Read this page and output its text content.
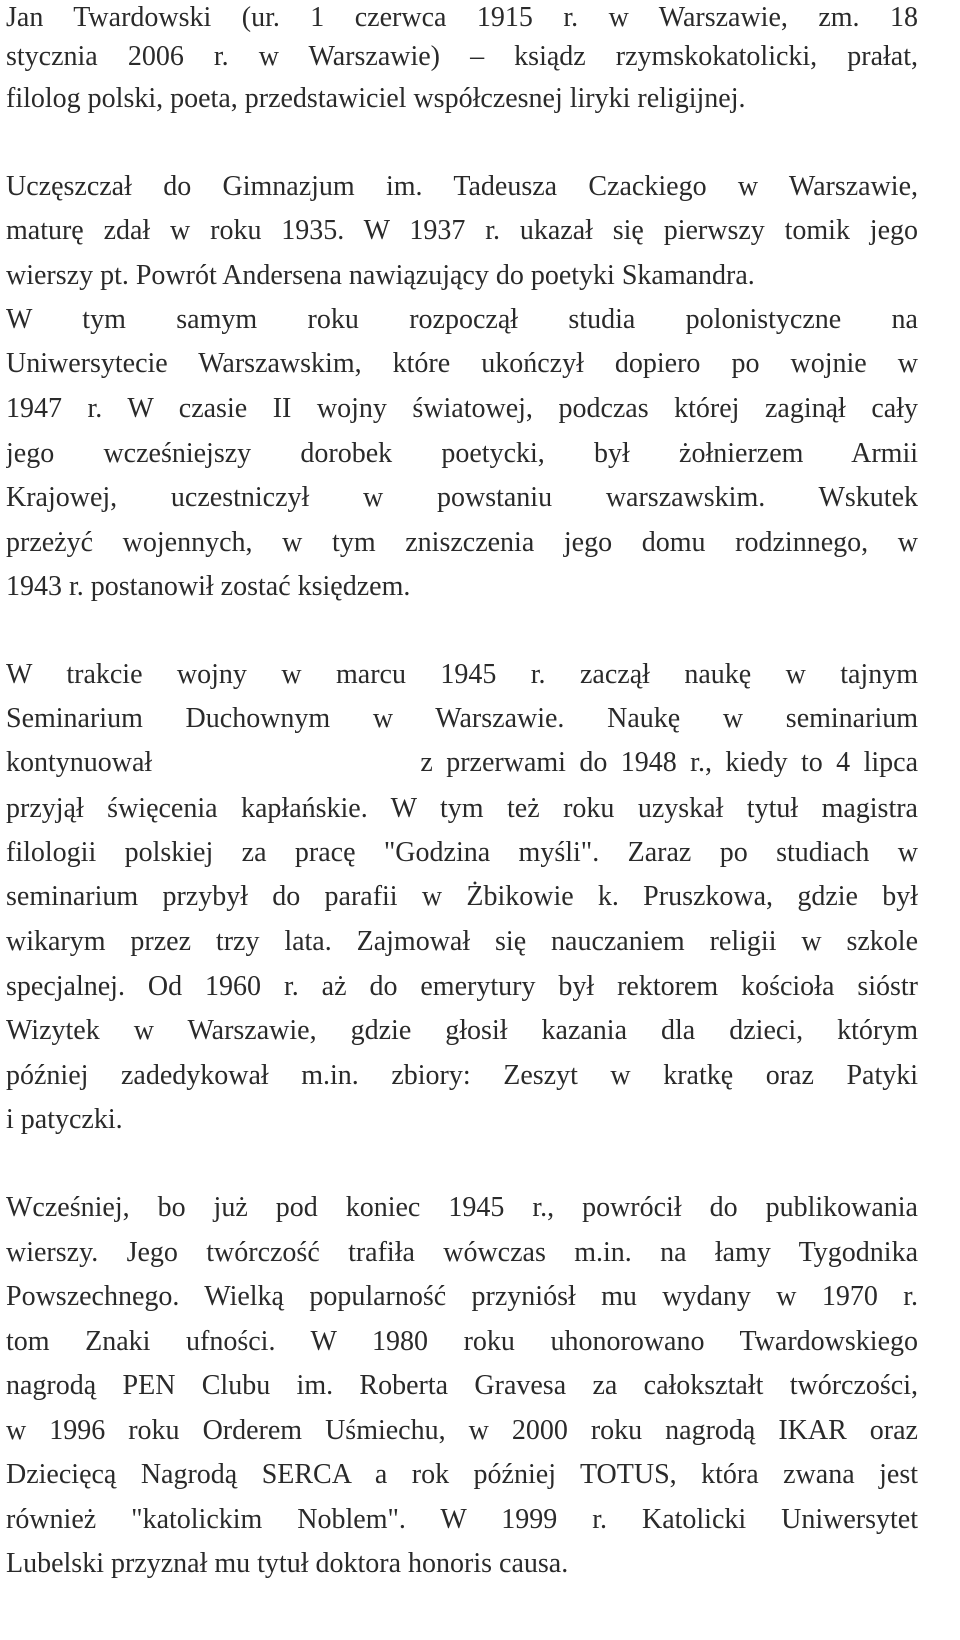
Jan Twardowski (ur. 1 czerwca 1915 r. w Warszawie, zm. 18
stycznia 2006 r. w Warszawie) – ksiądz rzymskokatolicki, prałat,
filolog polski, poeta, przedstawiciel współczesnej liryki religijnej.
Uczęszczał do Gimnazjum im. Tadeusza Czackiego w Warszawie,
maturę zdał w roku 1935. W 1937 r. ukazał się pierwszy tomik jego
wierszy pt. Powrót Andersena nawiązujący do poetyki Skamandra.
W tym samym roku rozpoczął studia polonistyczne na
Uniwersytecie Warszawskim, które ukończył dopiero po wojnie w
1947 r. W czasie II wojny światowej, podczas której zaginął cały
jego wcześniejszy dorobek poetycki, był żołnierzem Armii
Krajowej, uczestniczył w powstaniu warszawskim. Wskutek
przeżyć wojennych, w tym zniszczenia jego domu rodzinnego, w
1943 r. postanowił zostać księdzem.
W trakcie wojny w marcu 1945 r. zaczął naukę w tajnym
Seminarium Duchownym w Warszawie. Naukę w seminarium
kontynuował                    z przerwami do 1948 r., kiedy to 4 lipca
przyjął święcenia kapłańskie. W tym też roku uzyskał tytuł magistra
filologii polskiej za pracę "Godzina myśli". Zaraz po studiach w
seminarium przybył do parafii w Żbikowie k. Pruszkowa, gdzie był
wikarym przez trzy lata. Zajmował się nauczaniem religii w szkole
specjalnej. Od 1960 r. aż do emerytury był rektorem kościoła sióstr
Wizytek w Warszawie, gdzie głosił kazania dla dzieci, którym
później zadedykował m.in. zbiory: Zeszyt w kratkę oraz Patyki
i patyczki.
Wcześniej, bo już pod koniec 1945 r., powrócił do publikowania
wierszy. Jego twórczość trafiła wówczas m.in. na łamy Tygodnika
Powszechnego. Wielką popularność przyniósł mu wydany w 1970 r.
tom Znaki ufności. W 1980 roku uhonorowano Twardowskiego
nagrodą PEN Clubu im. Roberta Gravesa za całokształt twórczości,
w 1996 roku Orderem Uśmiechu, w 2000 roku nagrodą IKAR oraz
Dziecięcą Nagrodą SERCA a rok później TOTUS, która zwana jest
również "katolickim Noblem". W 1999 r. Katolicki Uniwersytet
Lubelski przyznał mu tytuł doktora honoris causa.
